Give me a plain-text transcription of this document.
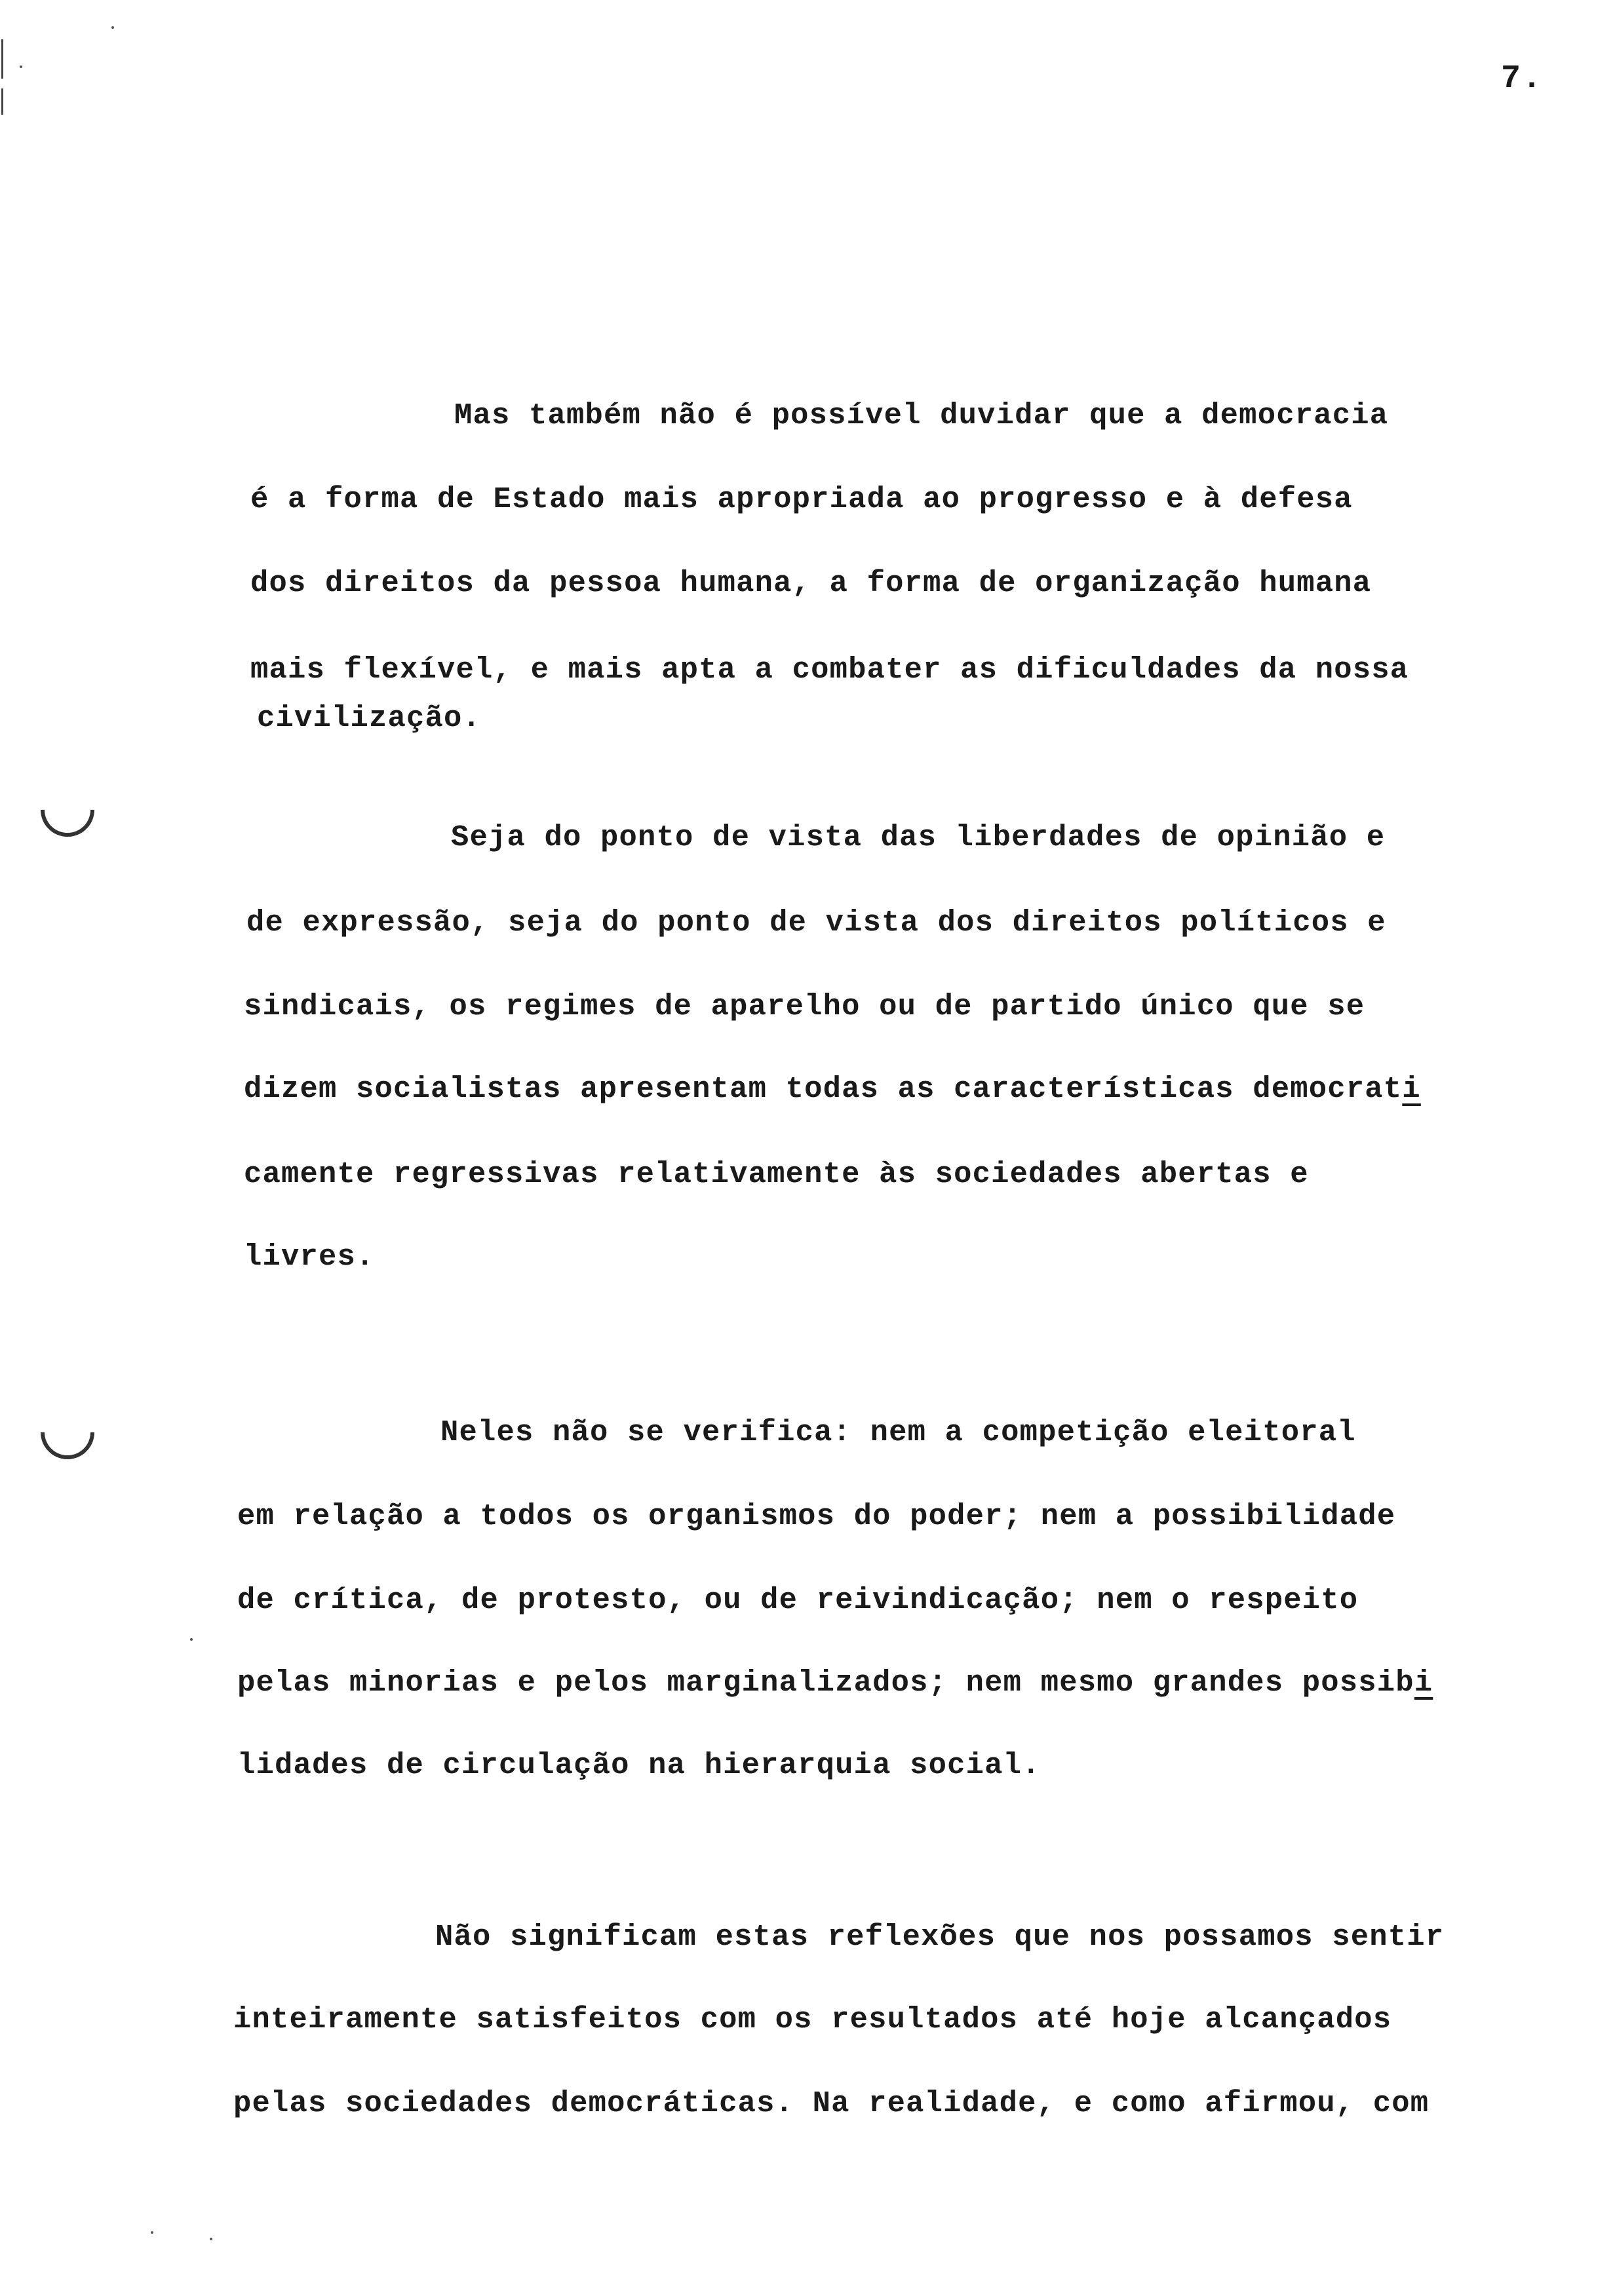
7.
Mas também não é possível duvidar que a democracia
é a forma de Estado mais apropriada ao progresso e à defesa
dos direitos da pessoa humana, a forma de organização humana
mais flexível, e mais apta a combater as dificuldades da nossa
civilização.
Seja do ponto de vista das liberdades de opinião e
de expressão, seja do ponto de vista dos direitos políticos e
sindicais, os regimes de aparelho ou de partido único que se
dizem socialistas apresentam todas as características democrati
camente regressivas relativamente às sociedades abertas e
livres.
Neles não se verifica: nem a competição eleitoral
em relação a todos os organismos do poder; nem a possibilidade
de crítica, de protesto, ou de reivindicação; nem o respeito
pelas minorias e pelos marginalizados; nem mesmo grandes possibi
lidades de circulação na hierarquia social.
Não significam estas reflexões que nos possamos sentir
inteiramente satisfeitos com os resultados até hoje alcançados
pelas sociedades democráticas. Na realidade, e como afirmou, com
